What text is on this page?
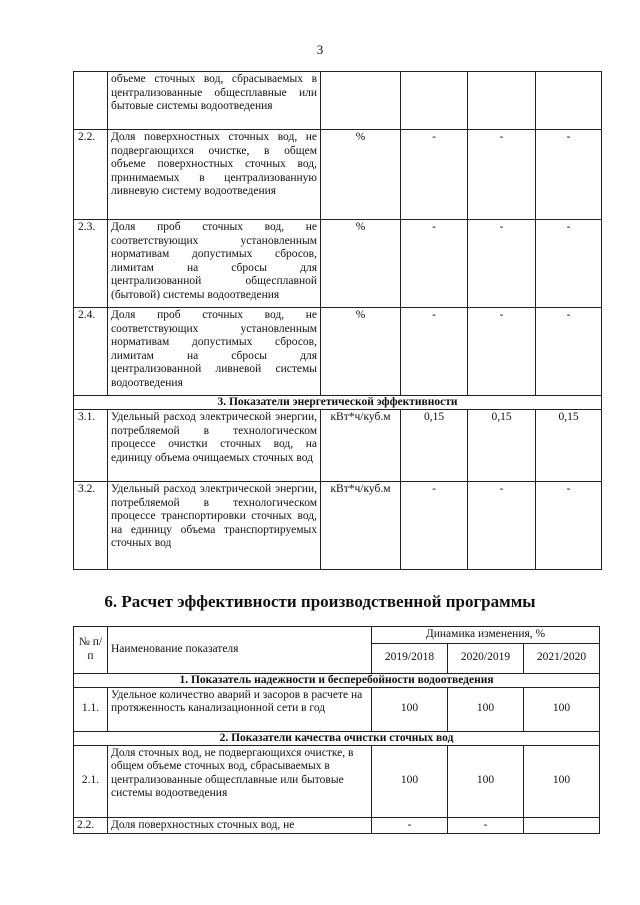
3
	объеме сточных вод, сбрасываемых в централизованные общесплавные или бытовые системы водоотведения				
2.2.	Доля поверхностных сточных вод, не подвергающихся очистке, в общем объеме поверхностных сточных вод, принимаемых в централизованную ливневую систему водоотведения	%	-	-	-
2.3.	Доля проб сточных вод, не соответствующих установленным нормативам допустимых сбросов, лимитам на сбросы для централизованной общесплавной (бытовой) системы водоотведения	%	-	-	-
2.4.	Доля проб сточных вод, не соответствующих установленным нормативам допустимых сбросов, лимитам на сбросы для централизованной ливневой системы водоотведения	%	-	-	-
3. Показатели энергетической эффективности					
3.1.	Удельный расход электрической энергии, потребляемой в технологическом процессе очистки сточных вод, на единицу объема очищаемых сточных вод	кВт*ч/куб.м	0,15	0,15	0,15
3.2.	Удельный расход электрической энергии, потребляемой в технологическом процессе транспортировки сточных вод, на единицу объема транспортируемых сточных вод	кВт*ч/куб.м	-	-	-
6. Расчет эффективности производственной программы
№ п/п	Наименование показателя	Динамика изменения, %		
		2019/2018	2020/2019	2021/2020
1. Показатель надежности и бесперебойности водоотведения				
1.1.	Удельное количество аварий и засоров в расчете на протяженность канализационной сети в год	100	100	100
2. Показатели качества очистки сточных вод				
2.1.	Доля сточных вод, не подвергающихся очистке, в общем объеме сточных вод, сбрасываемых в централизованные общесплавные или бытовые системы водоотведения	100	100	100
2.2.	Доля поверхностных сточных вод, не	-	-	
